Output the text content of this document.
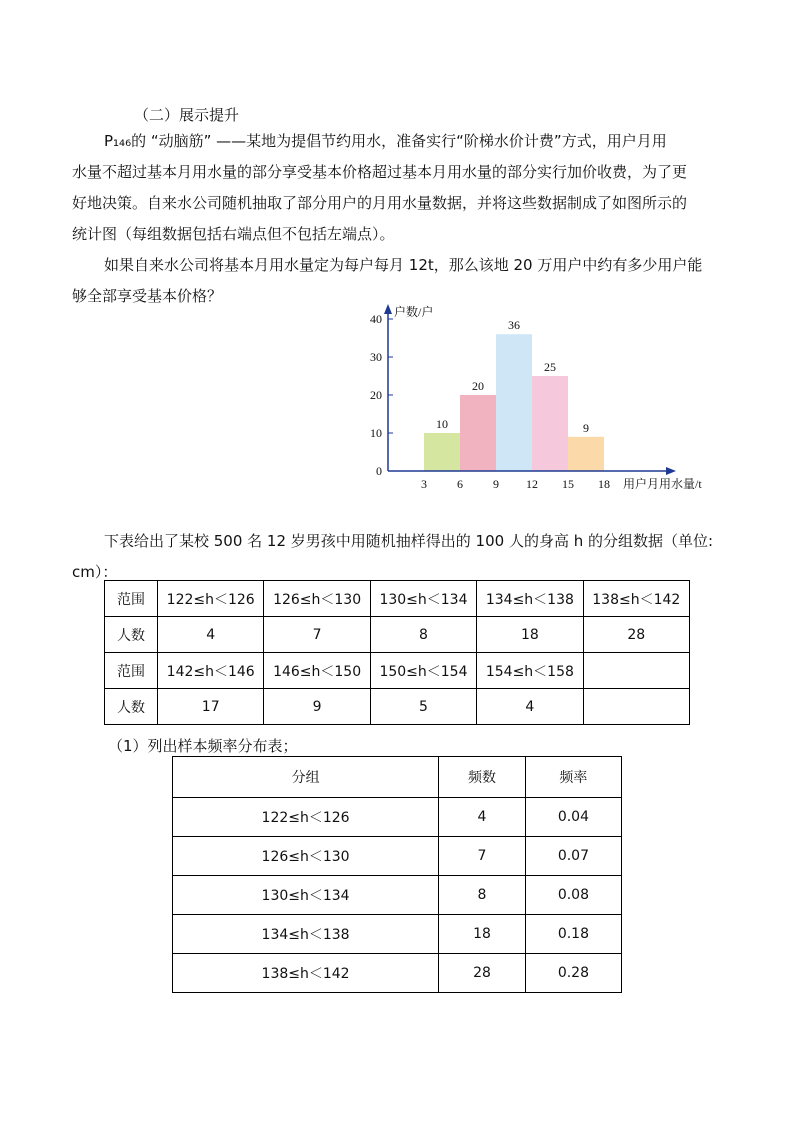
（二）展示提升
P₁₄₆的 “动脑筋” ——某地为提倡节约用水，准备实行“阶梯水价计费”方式，用户月用
水量不超过基本月用水量的部分享受基本价格超过基本月用水量的部分实行加价收费，为了更
好地决策。自来水公司随机抽取了部分用户的月用水量数据，并将这些数据制成了如图所示的
统计图（每组数据包括右端点但不包括左端点）。
如果自来水公司将基本月用水量定为每户每月 12t，那么该地 20 万用户中约有多少用户能
够全部享受基本价格？
10
20
36
25
9
0
10
20
30
40
3	6	9 12 15 18
户数/户
用户月用水量/t
下表给出了某校 500 名 12 岁男孩中用随机抽样得出的 100 人的身高 h 的分组数据（单位:
cm）：
范围	122≤h＜126	126≤h＜130	130≤h＜134	134≤h＜138	138≤h＜142
人数	4	7	8	18	28
范围	142≤h＜146	146≤h＜150	150≤h＜154	154≤h＜158	
人数	17	9	5	4	
（1）列出样本频率分布表；
分组	频数	频率
122≤h＜126	4	0.04
126≤h＜130	7	0.07
130≤h＜134	8	0.08
134≤h＜138	18	0.18
138≤h＜142	28	0.28
